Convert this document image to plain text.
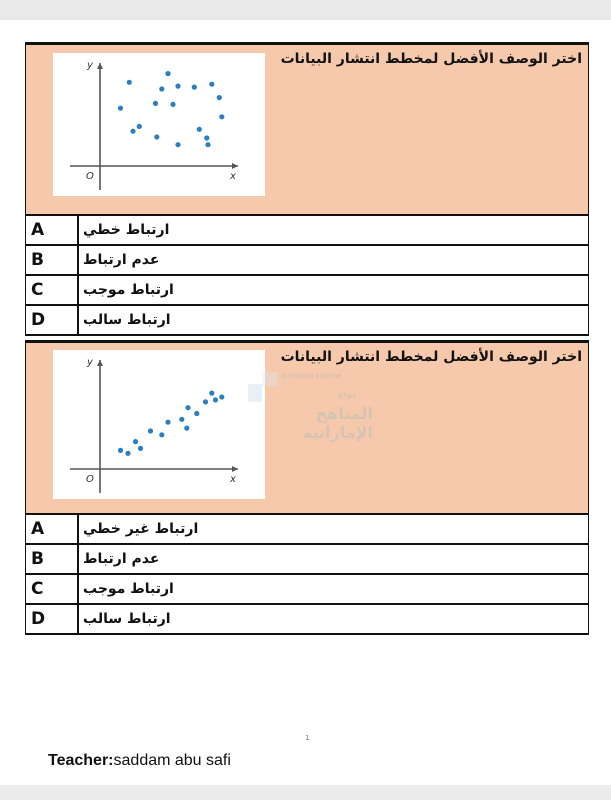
اختر الوصف الأفضل لمخطط انتشار البيانات
y
x
O
A	ارتباط خطي
B	عدم ارتباط
C	ارتباط موجب
D	ارتباط سالب
اختر الوصف الأفضل لمخطط انتشار البيانات
y
x
O
A	ارتباط غير خطي
B	عدم ارتباط
C	ارتباط موجب
D	ارتباط سالب
almanahj.com/ae
موقع
المناهج الإماراتية
1
Teacher:saddam abu safi
